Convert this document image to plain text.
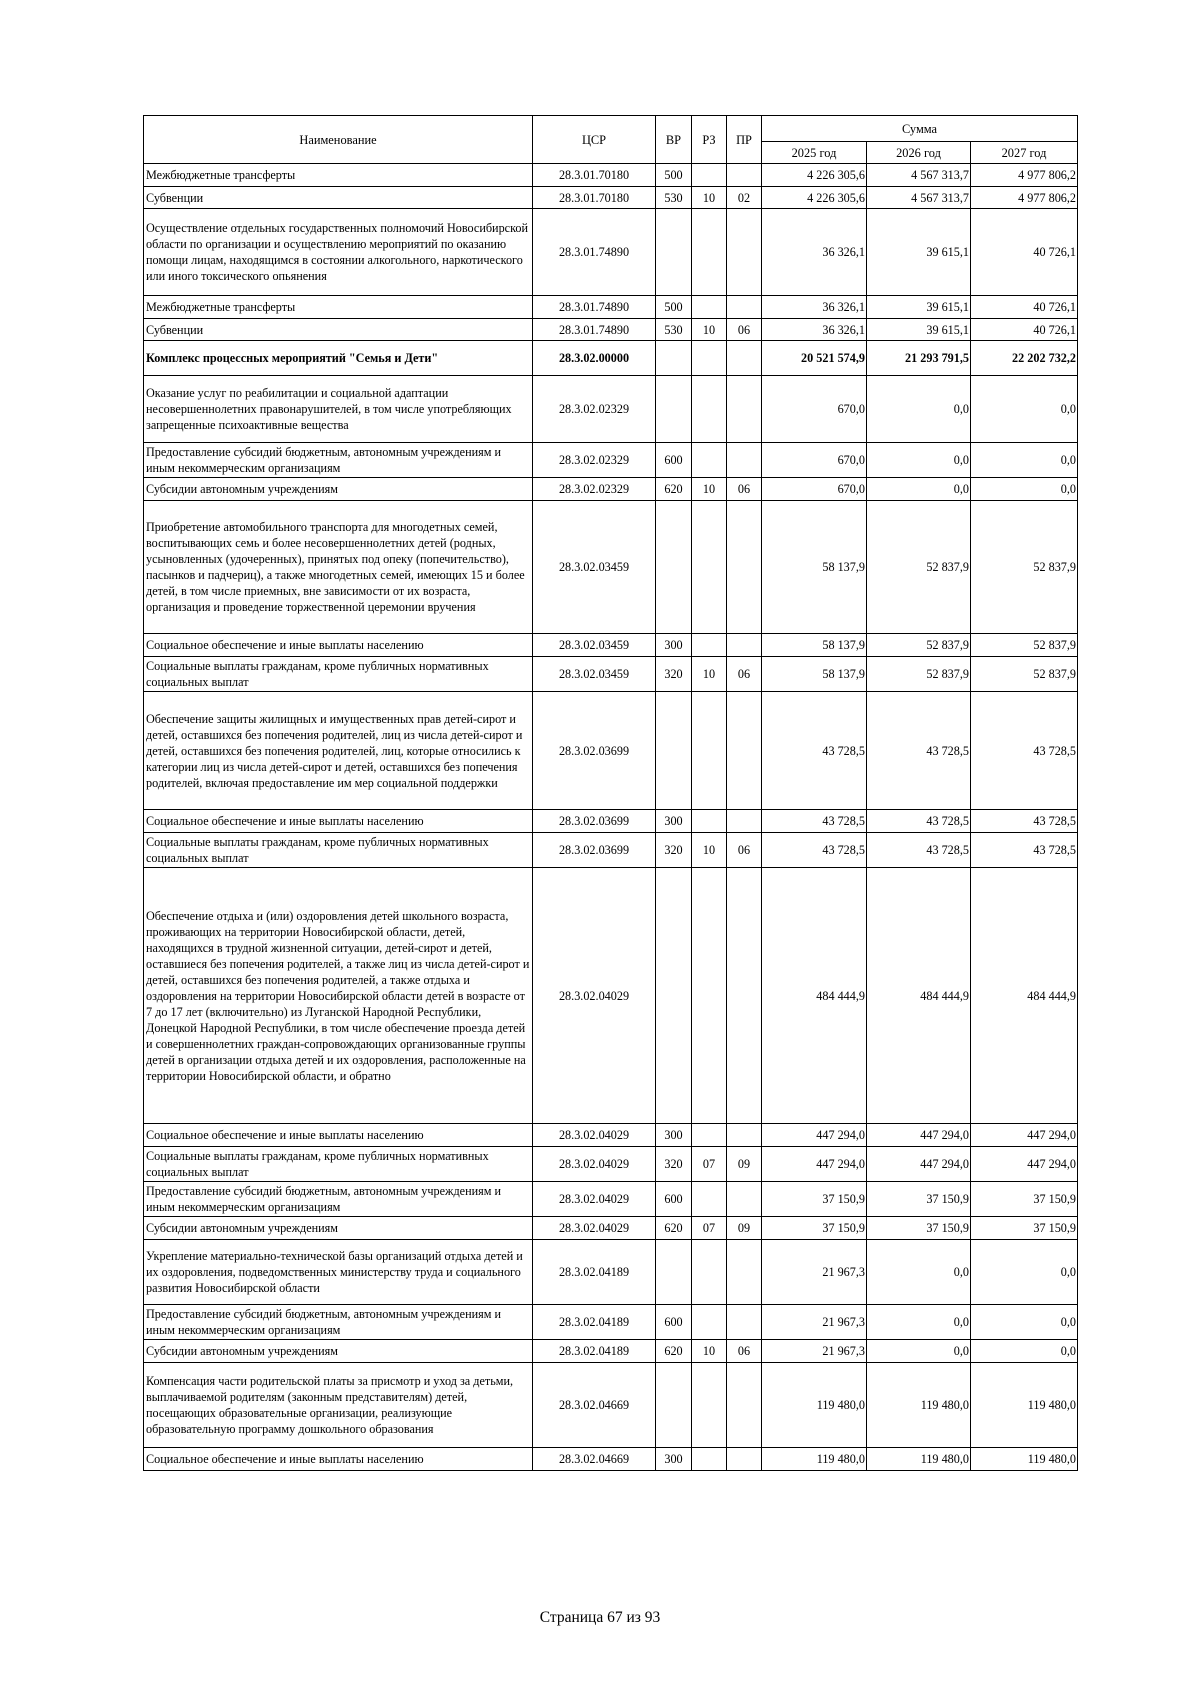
Наименование	ЦСР	ВР	РЗ	ПР	Сумма		
					2025 год	2026 год	2027 год
Межбюджетные трансферты	28.3.01.70180	500			4 226 305,6	4 567 313,7	4 977 806,2
Субвенции	28.3.01.70180	530	10	02	4 226 305,6	4 567 313,7	4 977 806,2
Осуществление отдельных государственных полномочий Новосибирской области по организации и осуществлению мероприятий по оказанию помощи лицам, находящимся в состоянии алкогольного, наркотического или иного токсического опьянения	28.3.01.74890				36 326,1	39 615,1	40 726,1
Межбюджетные трансферты	28.3.01.74890	500			36 326,1	39 615,1	40 726,1
Субвенции	28.3.01.74890	530	10	06	36 326,1	39 615,1	40 726,1
Комплекс процессных мероприятий "Семья и Дети"	28.3.02.00000				20 521 574,9	21 293 791,5	22 202 732,2
Оказание услуг по реабилитации и социальной адаптации несовершеннолетних правонарушителей, в том числе употребляющих запрещенные психоактивные вещества	28.3.02.02329				670,0	0,0	0,0
Предоставление субсидий бюджетным, автономным учреждениям и иным некоммерческим организациям	28.3.02.02329	600			670,0	0,0	0,0
Субсидии автономным учреждениям	28.3.02.02329	620	10	06	670,0	0,0	0,0
Приобретение автомобильного транспорта для многодетных семей, воспитывающих семь и более несовершеннолетних детей (родных, усыновленных (удочеренных), принятых под опеку (попечительство), пасынков и падчериц), а также многодетных семей, имеющих 15 и более детей, в том числе приемных, вне зависимости от их возраста, организация и проведение торжественной церемонии вручения	28.3.02.03459				58 137,9	52 837,9	52 837,9
Социальное обеспечение и иные выплаты населению	28.3.02.03459	300			58 137,9	52 837,9	52 837,9
Социальные выплаты гражданам, кроме публичных нормативных социальных выплат	28.3.02.03459	320	10	06	58 137,9	52 837,9	52 837,9
Обеспечение защиты жилищных и имущественных прав детей-сирот и детей, оставшихся без попечения родителей, лиц из числа детей-сирот и детей, оставшихся без попечения родителей, лиц, которые относились к категории лиц из числа детей-сирот и детей, оставшихся без попечения родителей, включая предоставление им мер социальной поддержки	28.3.02.03699				43 728,5	43 728,5	43 728,5
Социальное обеспечение и иные выплаты населению	28.3.02.03699	300			43 728,5	43 728,5	43 728,5
Социальные выплаты гражданам, кроме публичных нормативных социальных выплат	28.3.02.03699	320	10	06	43 728,5	43 728,5	43 728,5
Обеспечение отдыха и (или) оздоровления детей школьного возраста, проживающих на территории Новосибирской области, детей, находящихся в трудной жизненной ситуации, детей-сирот и детей, оставшиеся без попечения родителей, а также лиц из числа детей-сирот и детей, оставшихся без попечения родителей, а также отдыха и оздоровления на территории Новосибирской области детей в возрасте от 7 до 17 лет (включительно) из Луганской Народной Республики, Донецкой Народной Республики, в том числе обеспечение проезда детей и совершеннолетних граждан-сопровождающих организованные группы детей в организации отдыха детей и их оздоровления, расположенные на территории Новосибирской области, и обратно	28.3.02.04029				484 444,9	484 444,9	484 444,9
Социальное обеспечение и иные выплаты населению	28.3.02.04029	300			447 294,0	447 294,0	447 294,0
Социальные выплаты гражданам, кроме публичных нормативных социальных выплат	28.3.02.04029	320	07	09	447 294,0	447 294,0	447 294,0
Предоставление субсидий бюджетным, автономным учреждениям и иным некоммерческим организациям	28.3.02.04029	600			37 150,9	37 150,9	37 150,9
Субсидии автономным учреждениям	28.3.02.04029	620	07	09	37 150,9	37 150,9	37 150,9
Укрепление материально-технической базы организаций отдыха детей и их оздоровления, подведомственных министерству труда и социального развития Новосибирской области	28.3.02.04189				21 967,3	0,0	0,0
Предоставление субсидий бюджетным, автономным учреждениям и иным некоммерческим организациям	28.3.02.04189	600			21 967,3	0,0	0,0
Субсидии автономным учреждениям	28.3.02.04189	620	10	06	21 967,3	0,0	0,0
Компенсация части родительской платы за присмотр и уход за детьми, выплачиваемой родителям (законным представителям) детей, посещающих образовательные организации, реализующие образовательную программу дошкольного образования	28.3.02.04669				119 480,0	119 480,0	119 480,0
Социальное обеспечение и иные выплаты населению	28.3.02.04669	300			119 480,0	119 480,0	119 480,0
Страница 67 из 93
